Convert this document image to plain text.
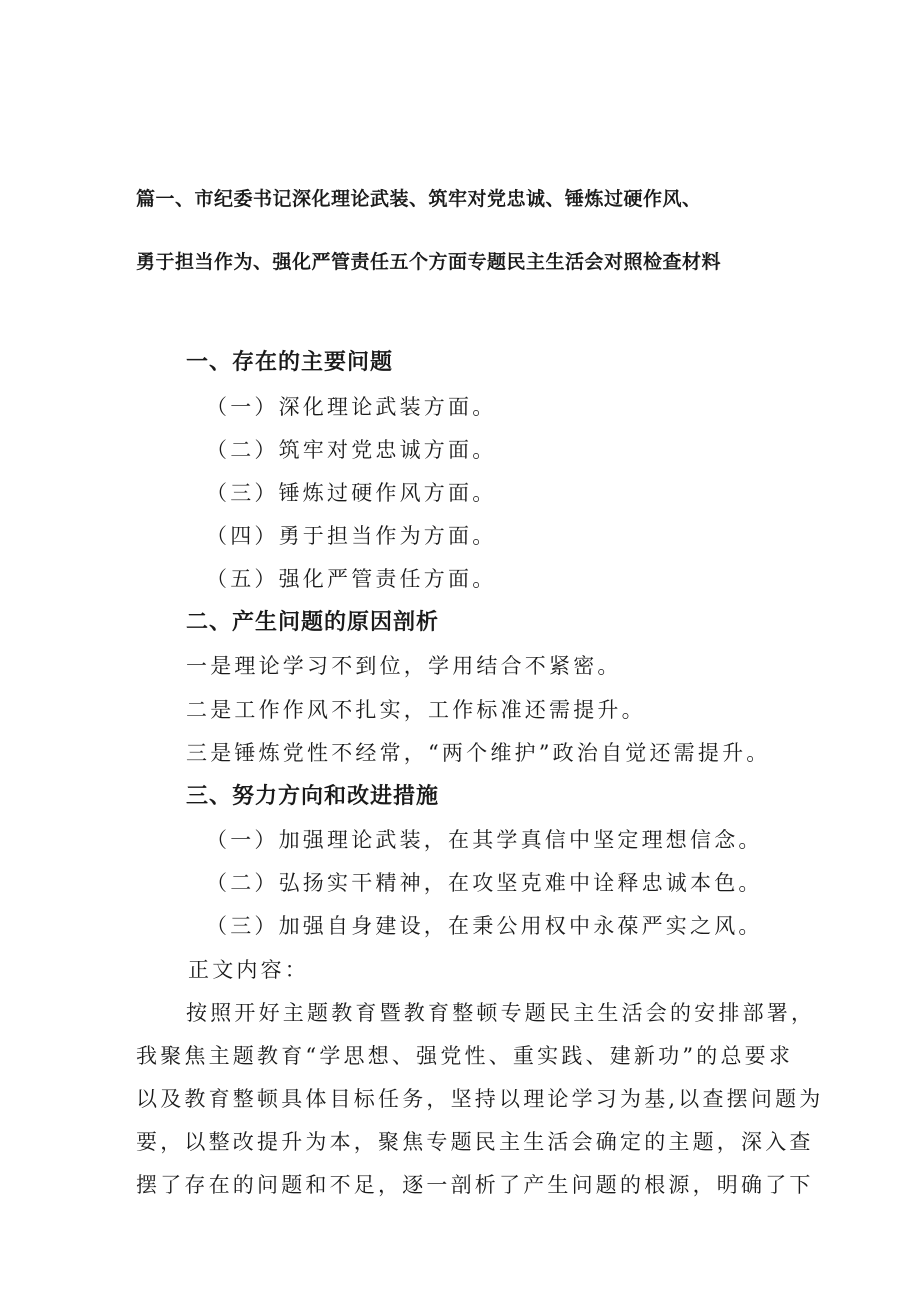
篇一、市纪委书记深化理论武装、筑牢对党忠诚、锤炼过硬作风、
勇于担当作为、强化严管责任五个方面专题民主生活会对照检查材料
一、存在的主要问题
（一）深化理论武装方面。
（二）筑牢对党忠诚方面。
（三）锤炼过硬作风方面。
（四）勇于担当作为方面。
（五）强化严管责任方面。
二、产生问题的原因剖析
一是理论学习不到位，学用结合不紧密。
二是工作作风不扎实，工作标准还需提升。
三是锤炼党性不经常，“两个维护”政治自觉还需提升。
三、努力方向和改进措施
（一）加强理论武装，在其学真信中坚定理想信念。
（二）弘扬实干精神，在攻坚克难中诠释忠诚本色。
（三）加强自身建设，在秉公用权中永葆严实之风。
正文内容：
按照开好主题教育暨教育整顿专题民主生活会的安排部署，
我聚焦主题教育“学思想、强党性、重实践、建新功”的总要求
以及教育整顿具体目标任务，坚持以理论学习为基,以查摆问题为
要，以整改提升为本，聚焦专题民主生活会确定的主题，深入查
摆了存在的问题和不足，逐一剖析了产生问题的根源，明确了下
